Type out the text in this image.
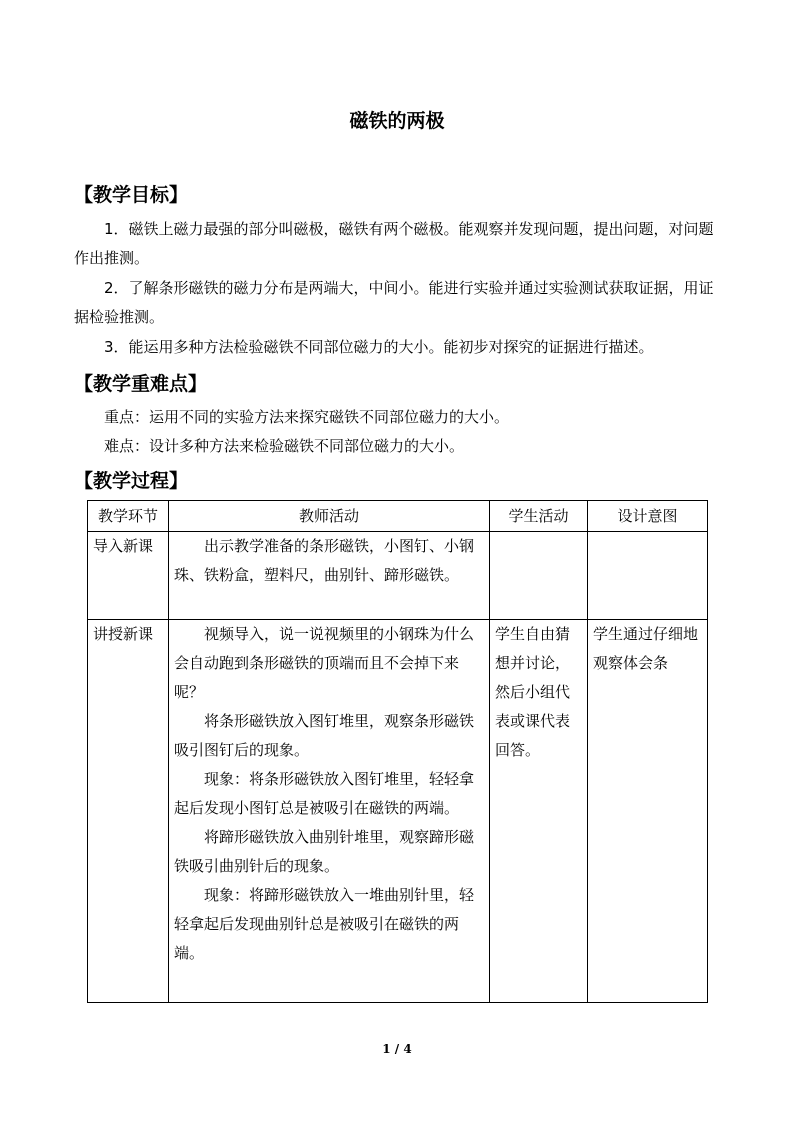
磁铁的两极
【教学目标】
1．磁铁上磁力最强的部分叫磁极，磁铁有两个磁极。能观察并发现问题，提出问题，对问题作出推测。
2．了解条形磁铁的磁力分布是两端大，中间小。能进行实验并通过实验测试获取证据，用证据检验推测。
3．能运用多种方法检验磁铁不同部位磁力的大小。能初步对探究的证据进行描述。
【教学重难点】
重点：运用不同的实验方法来探究磁铁不同部位磁力的大小。
难点：设计多种方法来检验磁铁不同部位磁力的大小。
【教学过程】
教学环节	教师活动	学生活动	设计意图
导入新课	出示教学准备的条形磁铁，小图钉、小钢珠、铁粉盒，塑料尺，曲别针、蹄形磁铁。		

讲授新课	视频导入，说一说视频里的小钢珠为什么会自动跑到条形磁铁的顶端而且不会掉下来呢？
将条形磁铁放入图钉堆里，观察条形磁铁吸引图钉后的现象。
现象：将条形磁铁放入图钉堆里，轻轻拿起后发现小图钉总是被吸引在磁铁的两端。
将蹄形磁铁放入曲别针堆里，观察蹄形磁铁吸引曲别针后的现象。
现象：将蹄形磁铁放入一堆曲别针里，轻轻拿起后发现曲别针总是被吸引在磁铁的两端。	学生自由猜想并讨论，然后小组代表或课代表回答。	学生通过仔细地观察体会条
1 / 4
